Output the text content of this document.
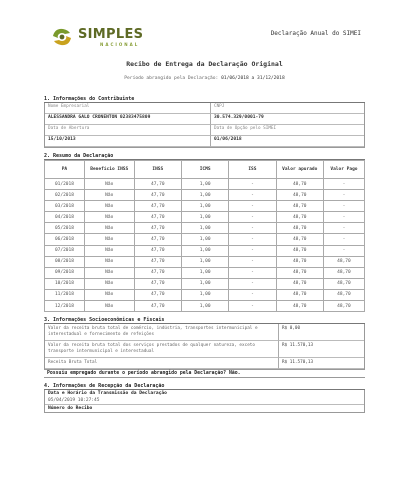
SIMPLES
NACIONAL
Declaração Anual do SIMEI
Recibo de Entrega da Declaração Original
Período abrangido pela Declaração: 01/06/2018 a 31/12/2018
1. Informações do Contribuinte
Nome Empresarial	CNPJ
ALESSANDRA GALO CRONENTON 02383475809	30.574.329/0001-79
Data de Abertura	Data de Opção pelo SIMEI
15/10/2013	01/06/2018
2. Resumo da Declaração
PA	Benefício INSS	INSS	ICMS	ISS	Valor apurado	Valor Pago
01/2018	Não	47,70	1,00	-	48,70	-
02/2018	Não	47,70	1,00	-	48,70	-
03/2018	Não	47,70	1,00	-	48,70	-
04/2018	Não	47,70	1,00	-	48,70	-
05/2018	Não	47,70	1,00	-	48,70	-
06/2018	Não	47,70	1,00	-	48,70	-
07/2018	Não	47,70	1,00	-	48,70	-
08/2018	Não	47,70	1,00	-	48,70	48,70
09/2018	Não	47,70	1,00	-	48,70	48,70
10/2018	Não	47,70	1,00	-	48,70	48,70
11/2018	Não	47,70	1,00	-	48,70	48,70
12/2018	Não	47,70	1,00	-	48,70	48,70
3. Informações Socioeconômicas e Fiscais
Valor da receita bruta total de comércio, indústria, transportes intermunicipal e interestadual e fornecimento de refeições
R$ 0,00
Valor da receita bruta total dos serviços prestados de qualquer natureza, exceto transporte intermunicipal e interestadual
R$ 11.570,13
Receita Bruta Total	R$ 11.570,13
Possuiu empregado durante o período abrangido pela Declaração? Não.
4. Informações de Recepção da Declaração
Data e Horário da Transmissão da Declaração
05/04/2019 10:27:45
Número do Recibo
